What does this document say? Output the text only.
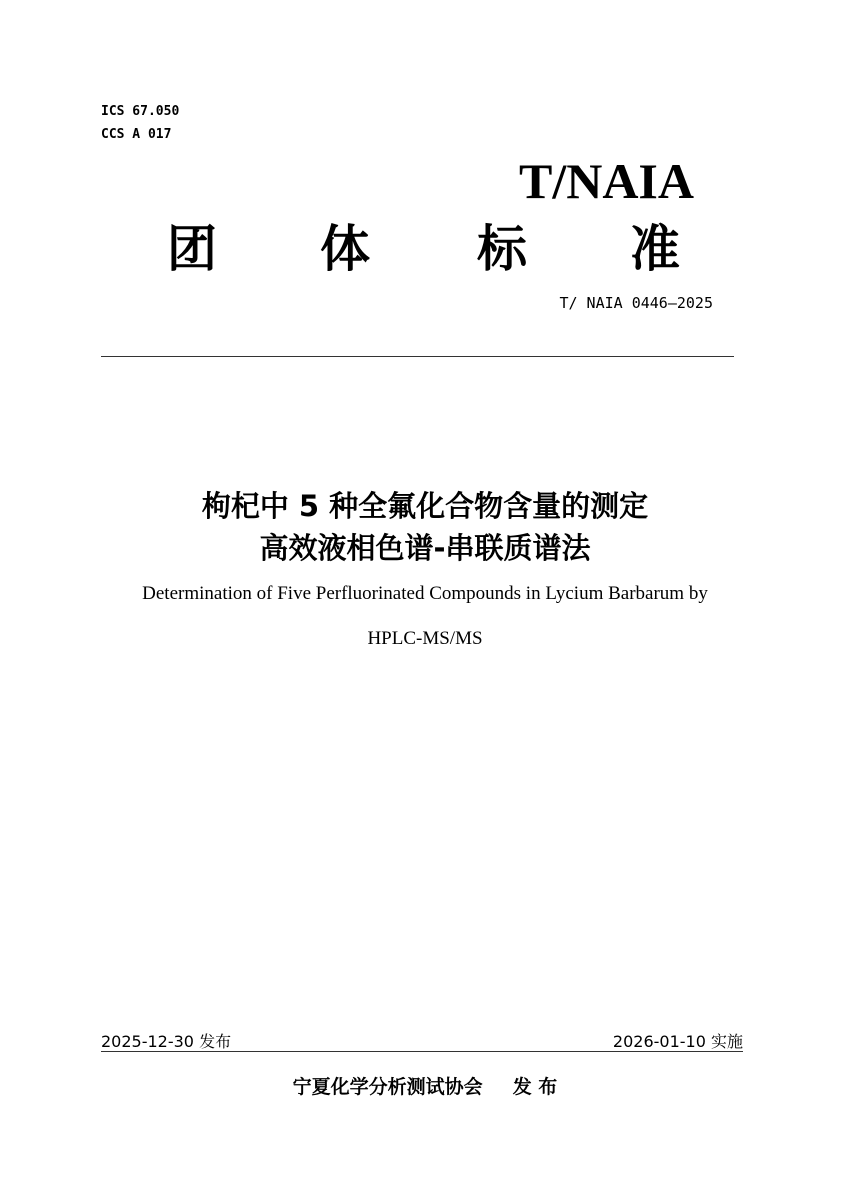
ICS 67.050
CCS A 017
T/NAIA
团 体 标 准
T/ NAIA 0446—2025
枸杞中 5 种全氟化合物含量的测定
高效液相色谱-串联质谱法
Determination of Five Perfluorinated Compounds in Lycium Barbarum by
HPLC-MS/MS
2025-12-30 发布	2026-01-10 实施
宁夏化学分析测试协会 发 布
